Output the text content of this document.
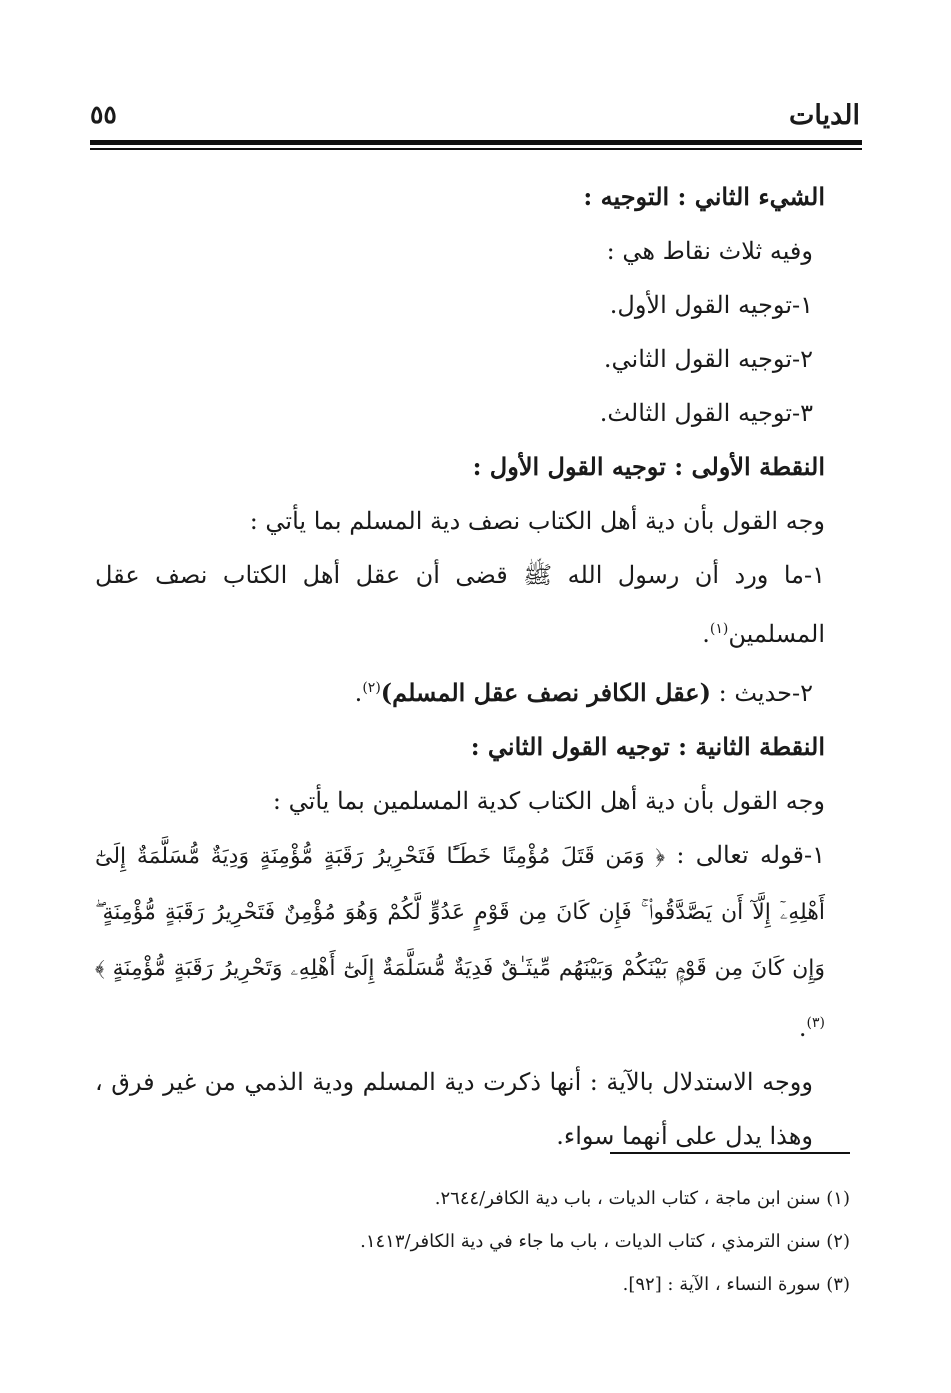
الديات
٥٥

الشيء الثاني : التوجيه :

وفيه ثلاث نقاط هي :

١-توجيه القول الأول.

٢-توجيه القول الثاني.

٣-توجيه القول الثالث.

النقطة الأولى : توجيه القول الأول :

وجه القول بأن دية أهل الكتاب نصف دية المسلم بما يأتي :

١-ما ورد أن رسول الله ﷺ قضى أن عقل أهل الكتاب نصف عقل المسلمين$^{(١)}$.

٢-حديث : (عقل الكافر نصف عقل المسلم)$^{(٢)}$.

النقطة الثانية : توجيه القول الثاني :

وجه القول بأن دية أهل الكتاب كدية المسلمين بما يأتي :

١-قوله تعالى : ﴿ وَمَن قَتَلَ مُؤْمِنًا خَطَـًٔا فَتَحْرِيرُ رَقَبَةٍ مُّؤْمِنَةٍ وَدِيَةٌ مُّسَلَّمَةٌ إِلَىٰٓ أَهْلِهِۦٓ إِلَّآ أَن يَصَّدَّقُوا۟ ۚ فَإِن كَانَ مِن قَوْمٍ عَدُوٍّ لَّكُمْ وَهُوَ مُؤْمِنٌ فَتَحْرِيرُ رَقَبَةٍ مُّؤْمِنَةٍ ۖ وَإِن كَانَ مِن قَوْمٍۭ بَيْنَكُمْ وَبَيْنَهُم مِّيثَـٰقٌ فَدِيَةٌ مُّسَلَّمَةٌ إِلَىٰٓ أَهْلِهِۦ وَتَحْرِيرُ رَقَبَةٍ مُّؤْمِنَةٍ ﴾$^{(٣)}$.

ووجه الاستدلال بالآية : أنها ذكرت دية المسلم ودية الذمي من غير فرق ، وهذا يدل على أنهما سواء.

(١) سنن ابن ماجة ، كتاب الديات ، باب دية الكافر/٢٦٤٤.

(٢) سنن الترمذي ، كتاب الديات ، باب ما جاء في دية الكافر/١٤١٣.

(٣) سورة النساء ، الآية : [٩٢].
